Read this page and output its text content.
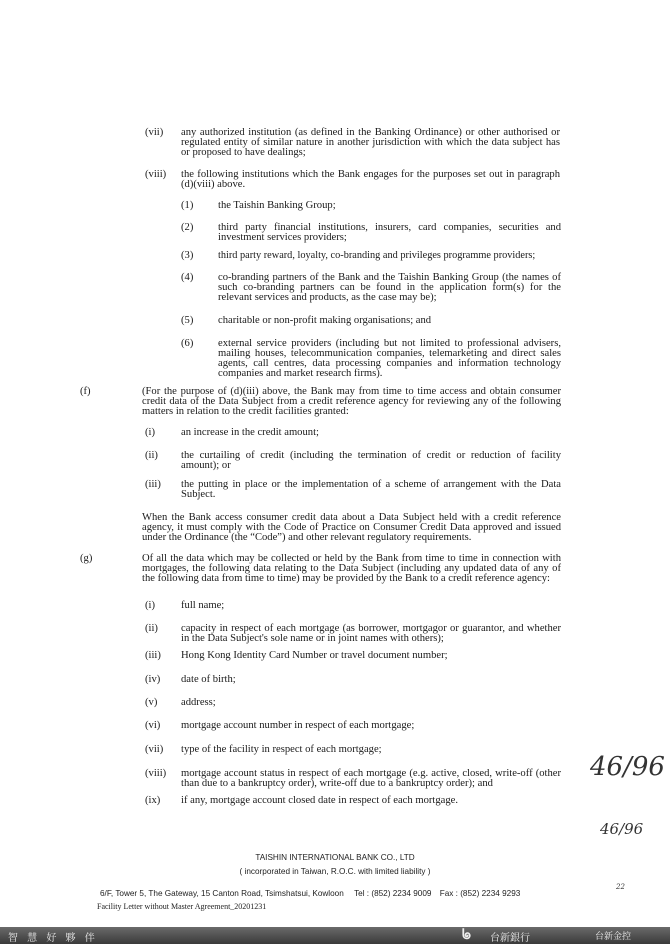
(vii) any authorized institution (as defined in the Banking Ordinance) or other authorised or regulated entity of similar nature in another jurisdiction with which the data subject has or proposed to have dealings;
(viii) the following institutions which the Bank engages for the purposes set out in paragraph (d)(viii) above.
(1) the Taishin Banking Group;
(2) third party financial institutions, insurers, card companies, securities and investment services providers;
(3) third party reward, loyalty, co-branding and privileges programme providers;
(4) co-branding partners of the Bank and the Taishin Banking Group (the names of such co-branding partners can be found in the application form(s) for the relevant services and products, as the case may be);
(5) charitable or non-profit making organisations; and
(6) external service providers (including but not limited to professional advisers, mailing houses, telecommunication companies, telemarketing and direct sales agents, call centres, data processing companies and information technology companies and market research firms).
(f)	(For the purpose of (d)(iii) above, the Bank may from time to time access and obtain consumer credit data of the Data Subject from a credit reference agency for reviewing any of the following matters in relation to the credit facilities granted:
(i) an increase in the credit amount;
(ii) the curtailing of credit (including the termination of credit or reduction of facility amount); or
(iii) the putting in place or the implementation of a scheme of arrangement with the Data Subject.
When the Bank access consumer credit data about a Data Subject held with a credit reference agency, it must comply with the Code of Practice on Consumer Credit Data approved and issued under the Ordinance (the “Code”) and other relevant regulatory requirements.
(g)	Of all the data which may be collected or held by the Bank from time to time in connection with mortgages, the following data relating to the Data Subject (including any updated data of any of the following data from time to time) may be provided by the Bank to a credit reference agency:
(i) full name;
(ii) capacity in respect of each mortgage (as borrower, mortgagor or guarantor, and whether in the Data Subject's sole name or in joint names with others);
(iii) Hong Kong Identity Card Number or travel document number;
(iv) date of birth;
(v) address;
(vi) mortgage account number in respect of each mortgage;
(vii) type of the facility in respect of each mortgage;
(viii) mortgage account status in respect of each mortgage (e.g. active, closed, write-off (other than due to a bankruptcy order), write-off due to a bankruptcy order); and
(ix) if any, mortgage account closed date in respect of each mortgage.
46/96
46/96
22
TAISHIN INTERNATIONAL BANK CO., LTD
( incorporated in Taiwan, R.O.C. with limited liability )
6/F, Tower 5, The Gateway, 15 Canton Road, Tsimshatsui, Kowloon Tel : (852) 2234 9009 Fax : (852) 2234 9293
Facility Letter without Master Agreement_20201231
智 慧 好 夥 伴	ᖚ 台新銀行	台新金控
